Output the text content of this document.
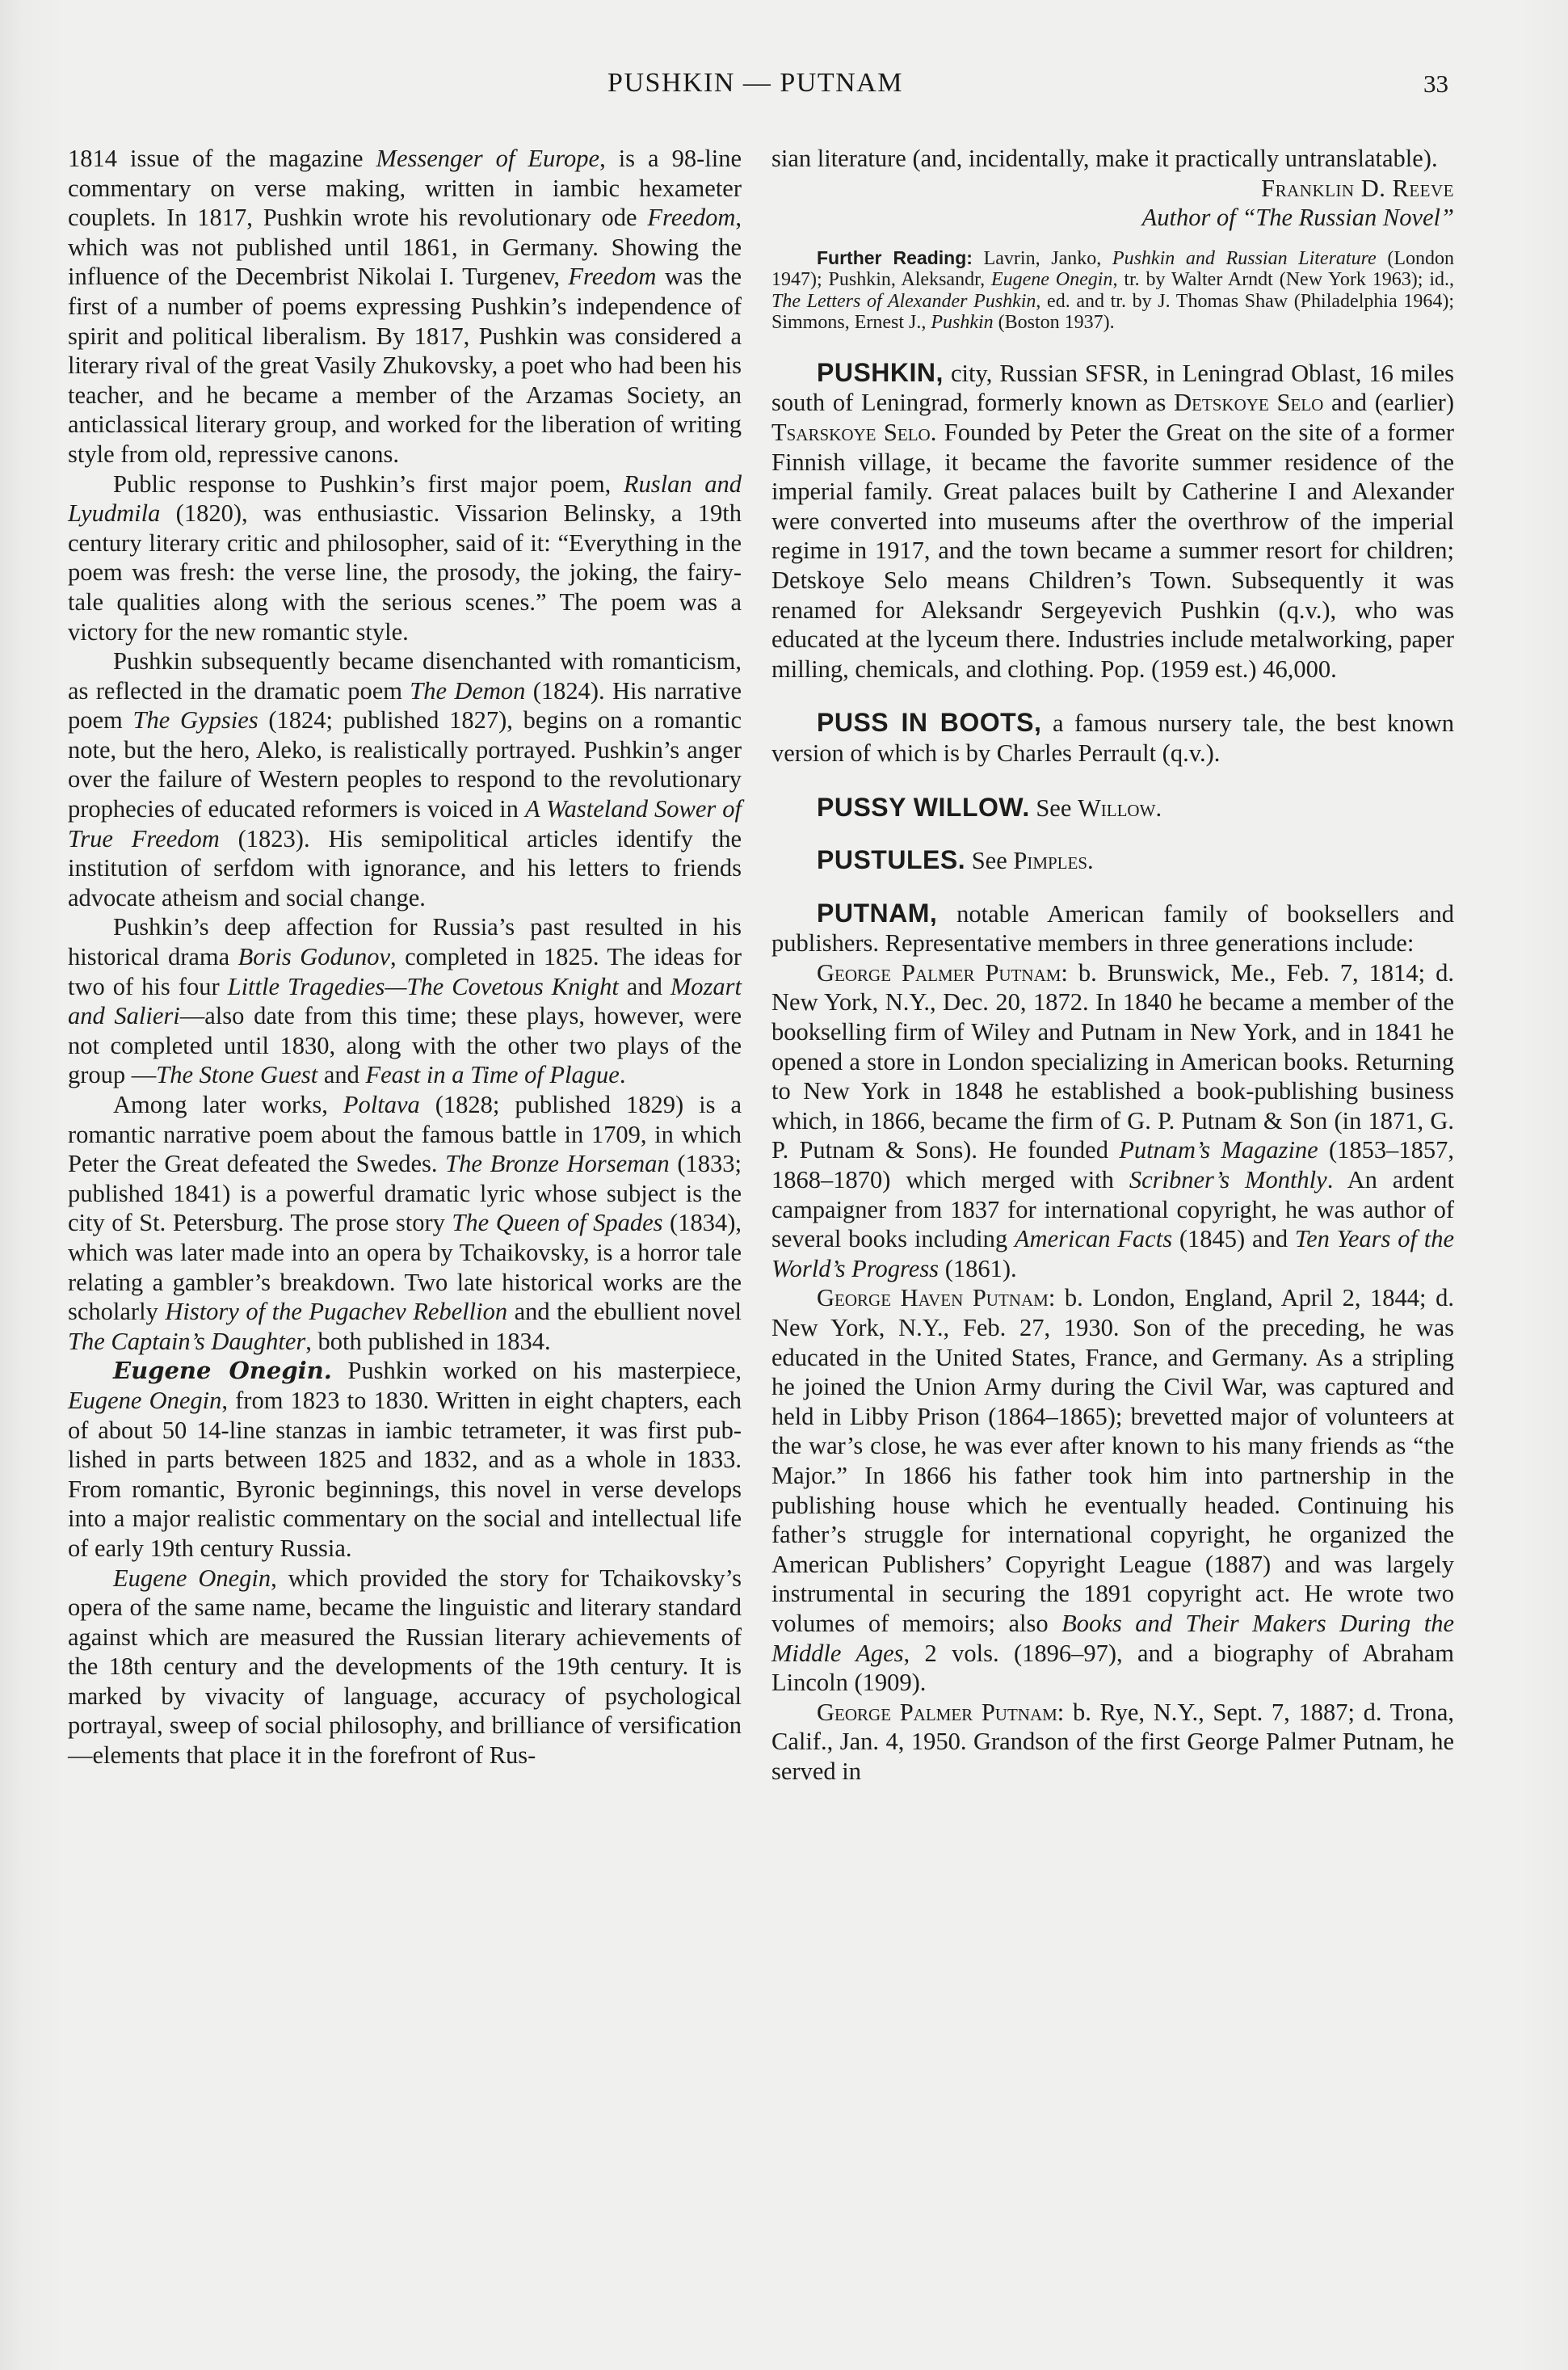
PUSHKIN — PUTNAM	33

1814 issue of the magazine Messenger of Europe, is a 98-line commentary on verse making, written in iambic hexameter couplets. In 1817, Pushkin wrote his revolutionary ode Freedom, which was not published until 1861, in Germany. Showing the influence of the Decembrist Nikolai I. Turgenev, Freedom was the first of a number of poems expressing Pushkin’s independence of spirit and political liberalism. By 1817, Pushkin was considered a literary rival of the great Vasily Zhukovsky, a poet who had been his teacher, and he became a member of the Arzamas Society, an anticlassical literary group, and worked for the liberation of writing style from old, repressive canons.

Public response to Pushkin’s first major poem, Ruslan and Lyudmila (1820), was enthusiastic. Vissarion Belinsky, a 19th century literary critic and philosopher, said of it: “Everything in the poem was fresh: the verse line, the prosody, the joking, the fairy-tale qualities along with the serious scenes.” The poem was a victory for the new romantic style.

Pushkin subsequently became disenchanted with romanticism, as reflected in the dramatic poem The Demon (1824). His narrative poem The Gypsies (1824; published 1827), begins on a romantic note, but the hero, Aleko, is realistically portrayed. Pushkin’s anger over the failure of Western peoples to respond to the revolutionary prophecies of educated reformers is voiced in A Wasteland Sower of True Freedom (1823). His semipolitical articles identify the institution of serfdom with ignorance, and his letters to friends advocate atheism and social change.

Pushkin’s deep affection for Russia’s past resulted in his historical drama Boris Godunov, completed in 1825. The ideas for two of his four Little Tragedies—The Covetous Knight and Mozart and Salieri—also date from this time; these plays, however, were not completed until 1830, along with the other two plays of the group —The Stone Guest and Feast in a Time of Plague.

Among later works, Poltava (1828; published 1829) is a romantic narrative poem about the famous battle in 1709, in which Peter the Great defeated the Swedes. The Bronze Horseman (1833; published 1841) is a powerful dramatic lyric whose subject is the city of St. Petersburg. The prose story The Queen of Spades (1834), which was later made into an opera by Tchaikovsky, is a horror tale relating a gambler’s breakdown. Two late historical works are the scholarly History of the Pugachev Rebellion and the ebullient novel The Captain’s Daughter, both published in 1834.

Eugene Onegin. Pushkin worked on his masterpiece, Eugene Onegin, from 1823 to 1830. Written in eight chapters, each of about 50 14-line stanzas in iambic tetrameter, it was first published in parts between 1825 and 1832, and as a whole in 1833. From romantic, Byronic beginnings, this novel in verse develops into a major realistic commentary on the social and intellectual life of early 19th century Russia.

Eugene Onegin, which provided the story for Tchaikovsky’s opera of the same name, became the linguistic and literary standard against which are measured the Russian literary achievements of the 18th century and the developments of the 19th century. It is marked by vivacity of language, accuracy of psychological portrayal, sweep of social philosophy, and brilliance of versification —elements that place it in the forefront of Rus-

sian literature (and, incidentally, make it practically untranslatable).

Franklin D. Reeve
Author of “The Russian Novel”

Further Reading: Lavrin, Janko, Pushkin and Russian Literature (London 1947); Pushkin, Aleksandr, Eugene Onegin, tr. by Walter Arndt (New York 1963); id., The Letters of Alexander Pushkin, ed. and tr. by J. Thomas Shaw (Philadelphia 1964); Simmons, Ernest J., Pushkin (Boston 1937).

PUSHKIN, city, Russian SFSR, in Leningrad Oblast, 16 miles south of Leningrad, formerly known as Detskoye Selo and (earlier) Tsarskoye Selo. Founded by Peter the Great on the site of a former Finnish village, it became the favorite summer residence of the imperial family. Great palaces built by Catherine I and Alexander were converted into museums after the overthrow of the imperial regime in 1917, and the town became a summer resort for children; Detskoye Selo means Children’s Town. Subsequently it was renamed for Aleksandr Sergeyevich Pushkin (q.v.), who was educated at the lyceum there. Industries include metalworking, paper milling, chemicals, and clothing. Pop. (1959 est.) 46,000.

PUSS IN BOOTS, a famous nursery tale, the best known version of which is by Charles Perrault (q.v.).

PUSSY WILLOW. See Willow.

PUSTULES. See Pimples.

PUTNAM, notable American family of booksellers and publishers. Representative members in three generations include:

George Palmer Putnam: b. Brunswick, Me., Feb. 7, 1814; d. New York, N.Y., Dec. 20, 1872. In 1840 he became a member of the bookselling firm of Wiley and Putnam in New York, and in 1841 he opened a store in London specializing in American books. Returning to New York in 1848 he established a book-publishing business which, in 1866, became the firm of G. P. Putnam & Son (in 1871, G. P. Putnam & Sons). He founded Putnam’s Magazine (1853–1857, 1868–1870) which merged with Scribner’s Monthly. An ardent campaigner from 1837 for international copyright, he was author of several books including American Facts (1845) and Ten Years of the World’s Progress (1861).

George Haven Putnam: b. London, England, April 2, 1844; d. New York, N.Y., Feb. 27, 1930. Son of the preceding, he was educated in the United States, France, and Germany. As a stripling he joined the Union Army during the Civil War, was captured and held in Libby Prison (1864–1865); brevetted major of volunteers at the war’s close, he was ever after known to his many friends as “the Major.” In 1866 his father took him into partnership in the publishing house which he eventually headed. Continuing his father’s struggle for international copyright, he organized the American Publishers’ Copyright League (1887) and was largely instrumental in securing the 1891 copyright act. He wrote two volumes of memoirs; also Books and Their Makers During the Middle Ages, 2 vols. (1896–97), and a biography of Abraham Lincoln (1909).

George Palmer Putnam: b. Rye, N.Y., Sept. 7, 1887; d. Trona, Calif., Jan. 4, 1950. Grandson of the first George Palmer Putnam, he served in
